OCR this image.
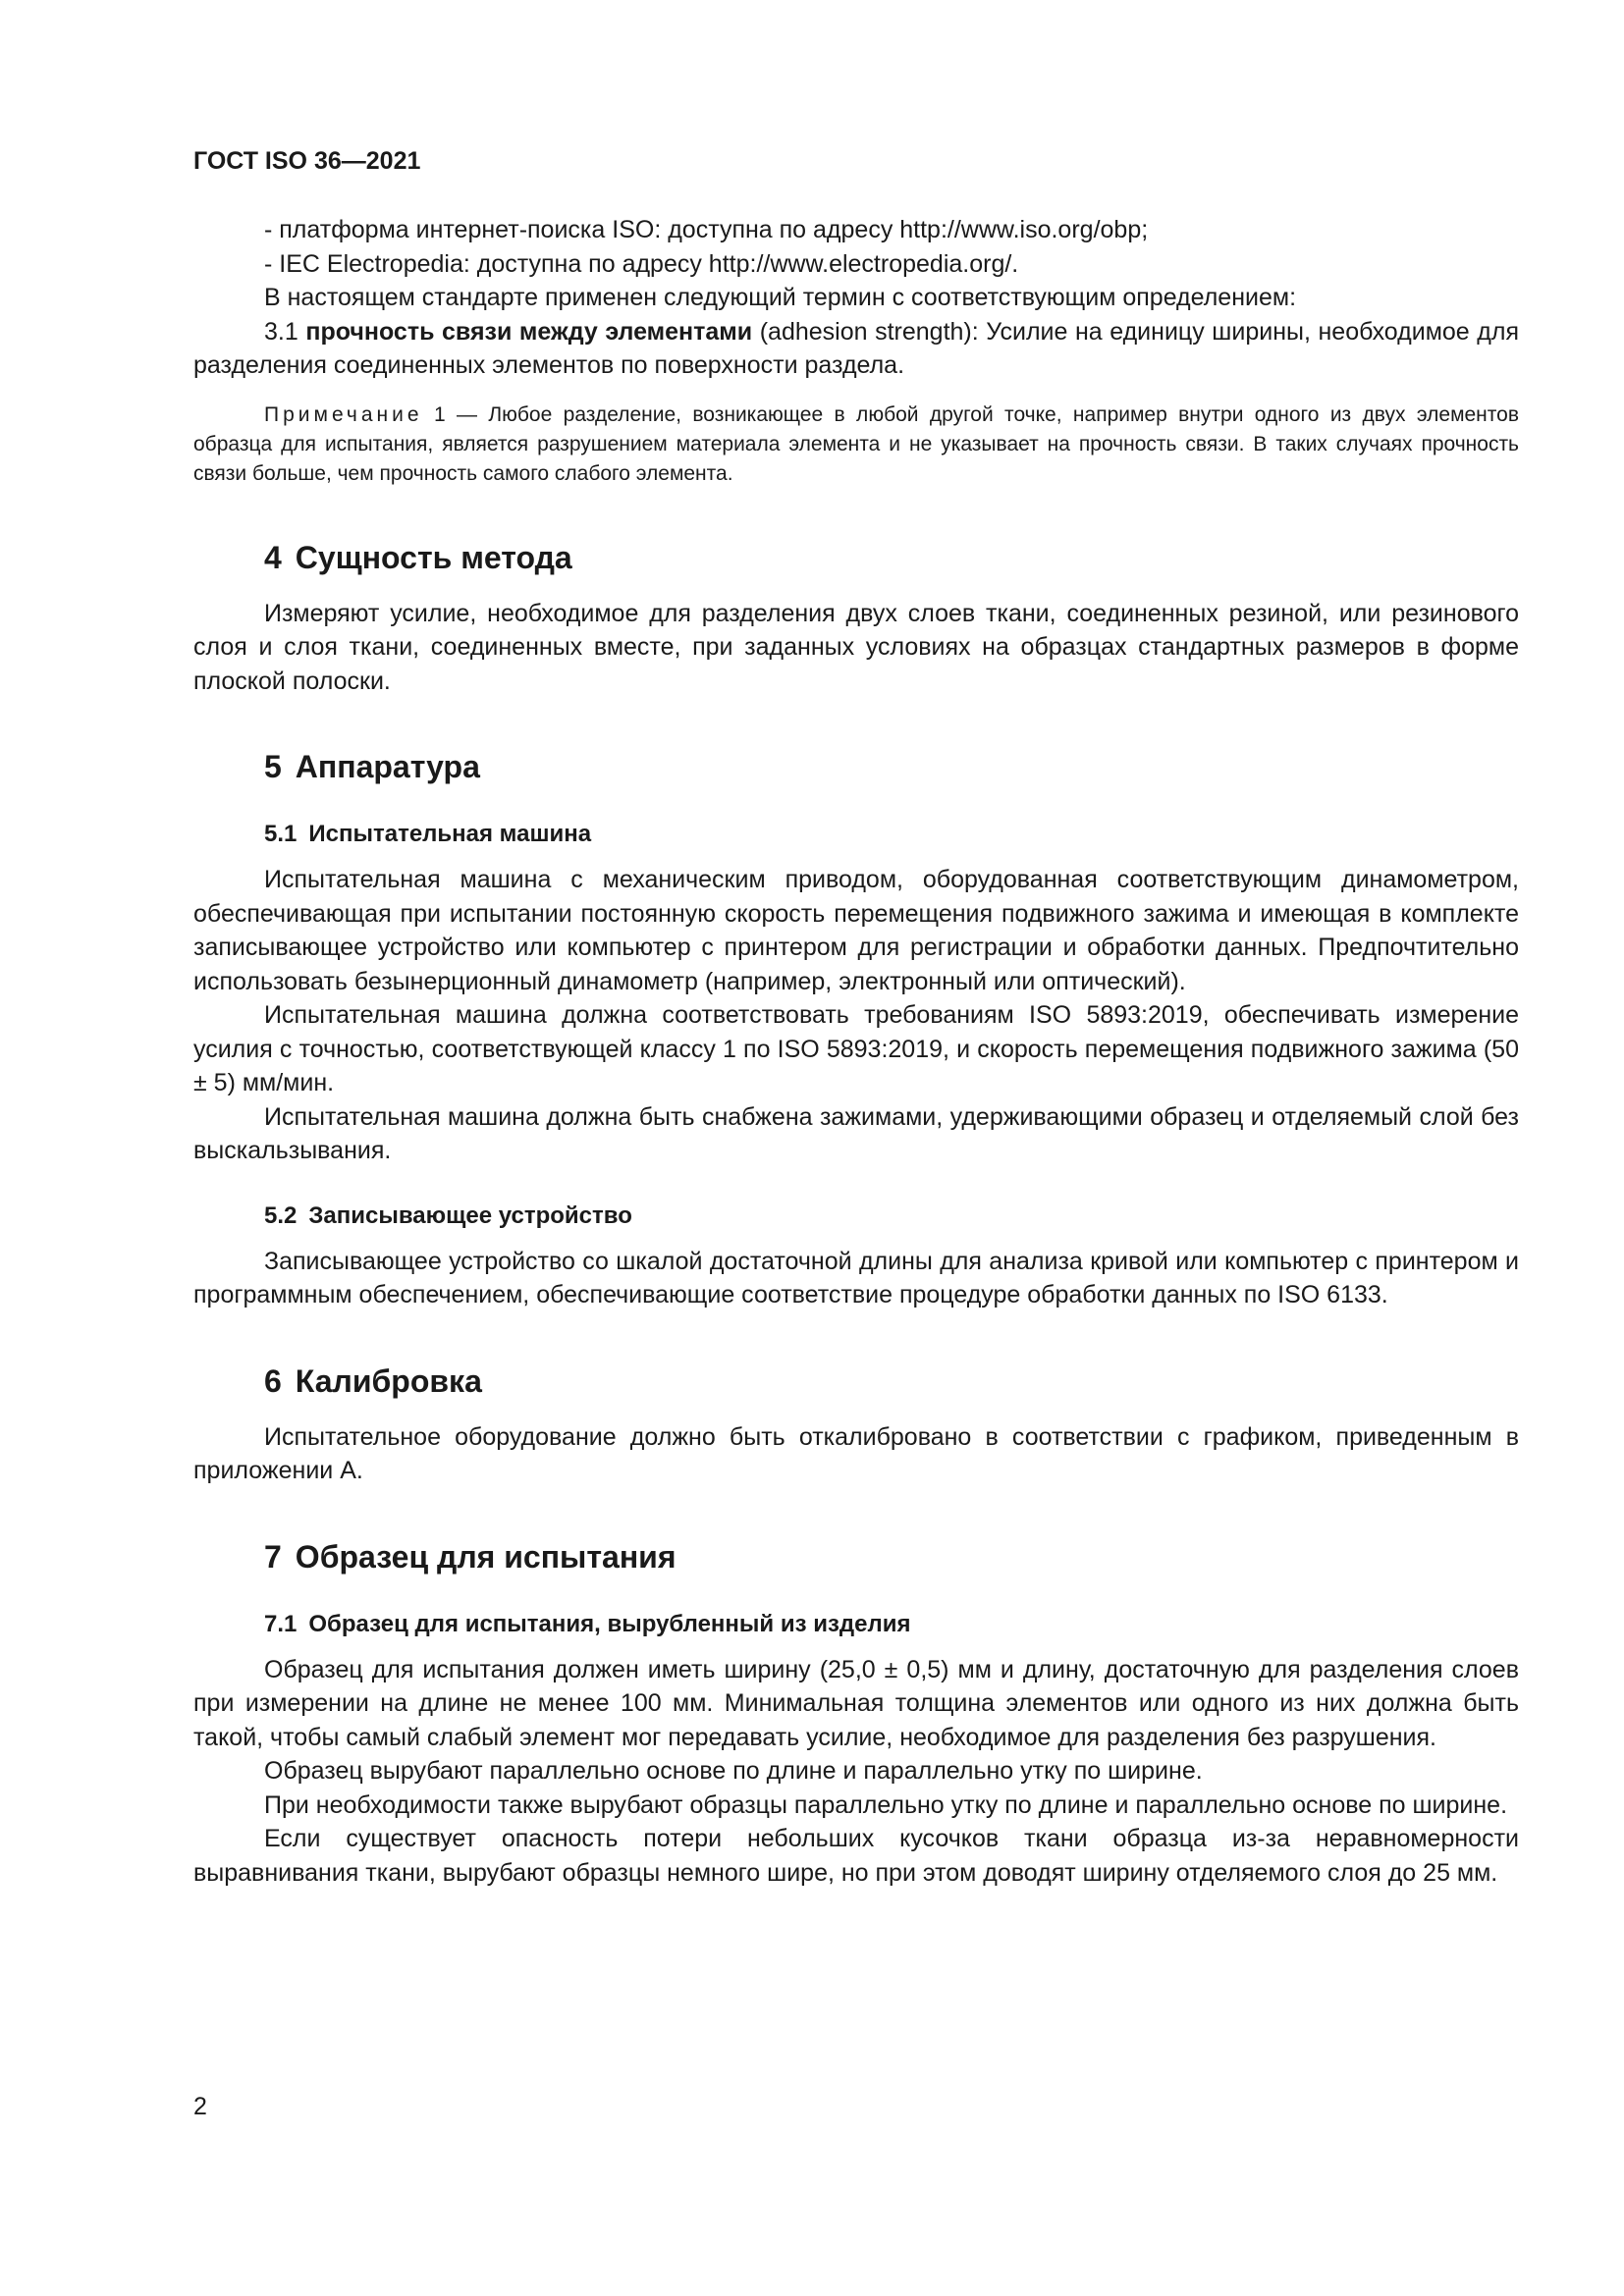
ГОСТ ISO 36—2021

- платформа интернет-поиска ISO: доступна по адресу http://www.iso.org/obp;

- IEC Electropedia: доступна по адресу http://www.electropedia.org/.

В настоящем стандарте применен следующий термин с соответствующим определением:

3.1 прочность связи между элементами (adhesion strength): Усилие на единицу ширины, необходимое для разделения соединенных элементов по поверхности раздела.

Примечание 1 — Любое разделение, возникающее в любой другой точке, например внутри одного из двух элементов образца для испытания, является разрушением материала элемента и не указывает на прочность связи. В таких случаях прочность связи больше, чем прочность самого слабого элемента.
4 Сущность метода

Измеряют усилие, необходимое для разделения двух слоев ткани, соединенных резиной, или резинового слоя и слоя ткани, соединенных вместе, при заданных условиях на образцах стандартных размеров в форме плоской полоски.

5 Аппаратура
5.1 Испытательная машина

Испытательная машина с механическим приводом, оборудованная соответствующим динамометром, обеспечивающая при испытании постоянную скорость перемещения подвижного зажима и имеющая в комплекте записывающее устройство или компьютер с принтером для регистрации и обработки данных. Предпочтительно использовать безынерционный динамометр (например, электронный или оптический).

Испытательная машина должна соответствовать требованиям ISO 5893:2019, обеспечивать измерение усилия с точностью, соответствующей классу 1 по ISO 5893:2019, и скорость перемещения подвижного зажима (50 ± 5) мм/мин.

Испытательная машина должна быть снабжена зажимами, удерживающими образец и отделяемый слой без выскальзывания.

5.2 Записывающее устройство

Записывающее устройство со шкалой достаточной длины для анализа кривой или компьютер с принтером и программным обеспечением, обеспечивающие соответствие процедуре обработки данных по ISO 6133.

6 Калибровка

Испытательное оборудование должно быть откалибровано в соответствии с графиком, приведенным в приложении А.

7 Образец для испытания
7.1 Образец для испытания, вырубленный из изделия

Образец для испытания должен иметь ширину (25,0 ± 0,5) мм и длину, достаточную для разделения слоев при измерении на длине не менее 100 мм. Минимальная толщина элементов или одного из них должна быть такой, чтобы самый слабый элемент мог передавать усилие, необходимое для разделения без разрушения.

Образец вырубают параллельно основе по длине и параллельно утку по ширине.

При необходимости также вырубают образцы параллельно утку по длине и параллельно основе по ширине.

Если существует опасность потери небольших кусочков ткани образца из-за неравномерности выравнивания ткани, вырубают образцы немного шире, но при этом доводят ширину отделяемого слоя до 25 мм.

2
